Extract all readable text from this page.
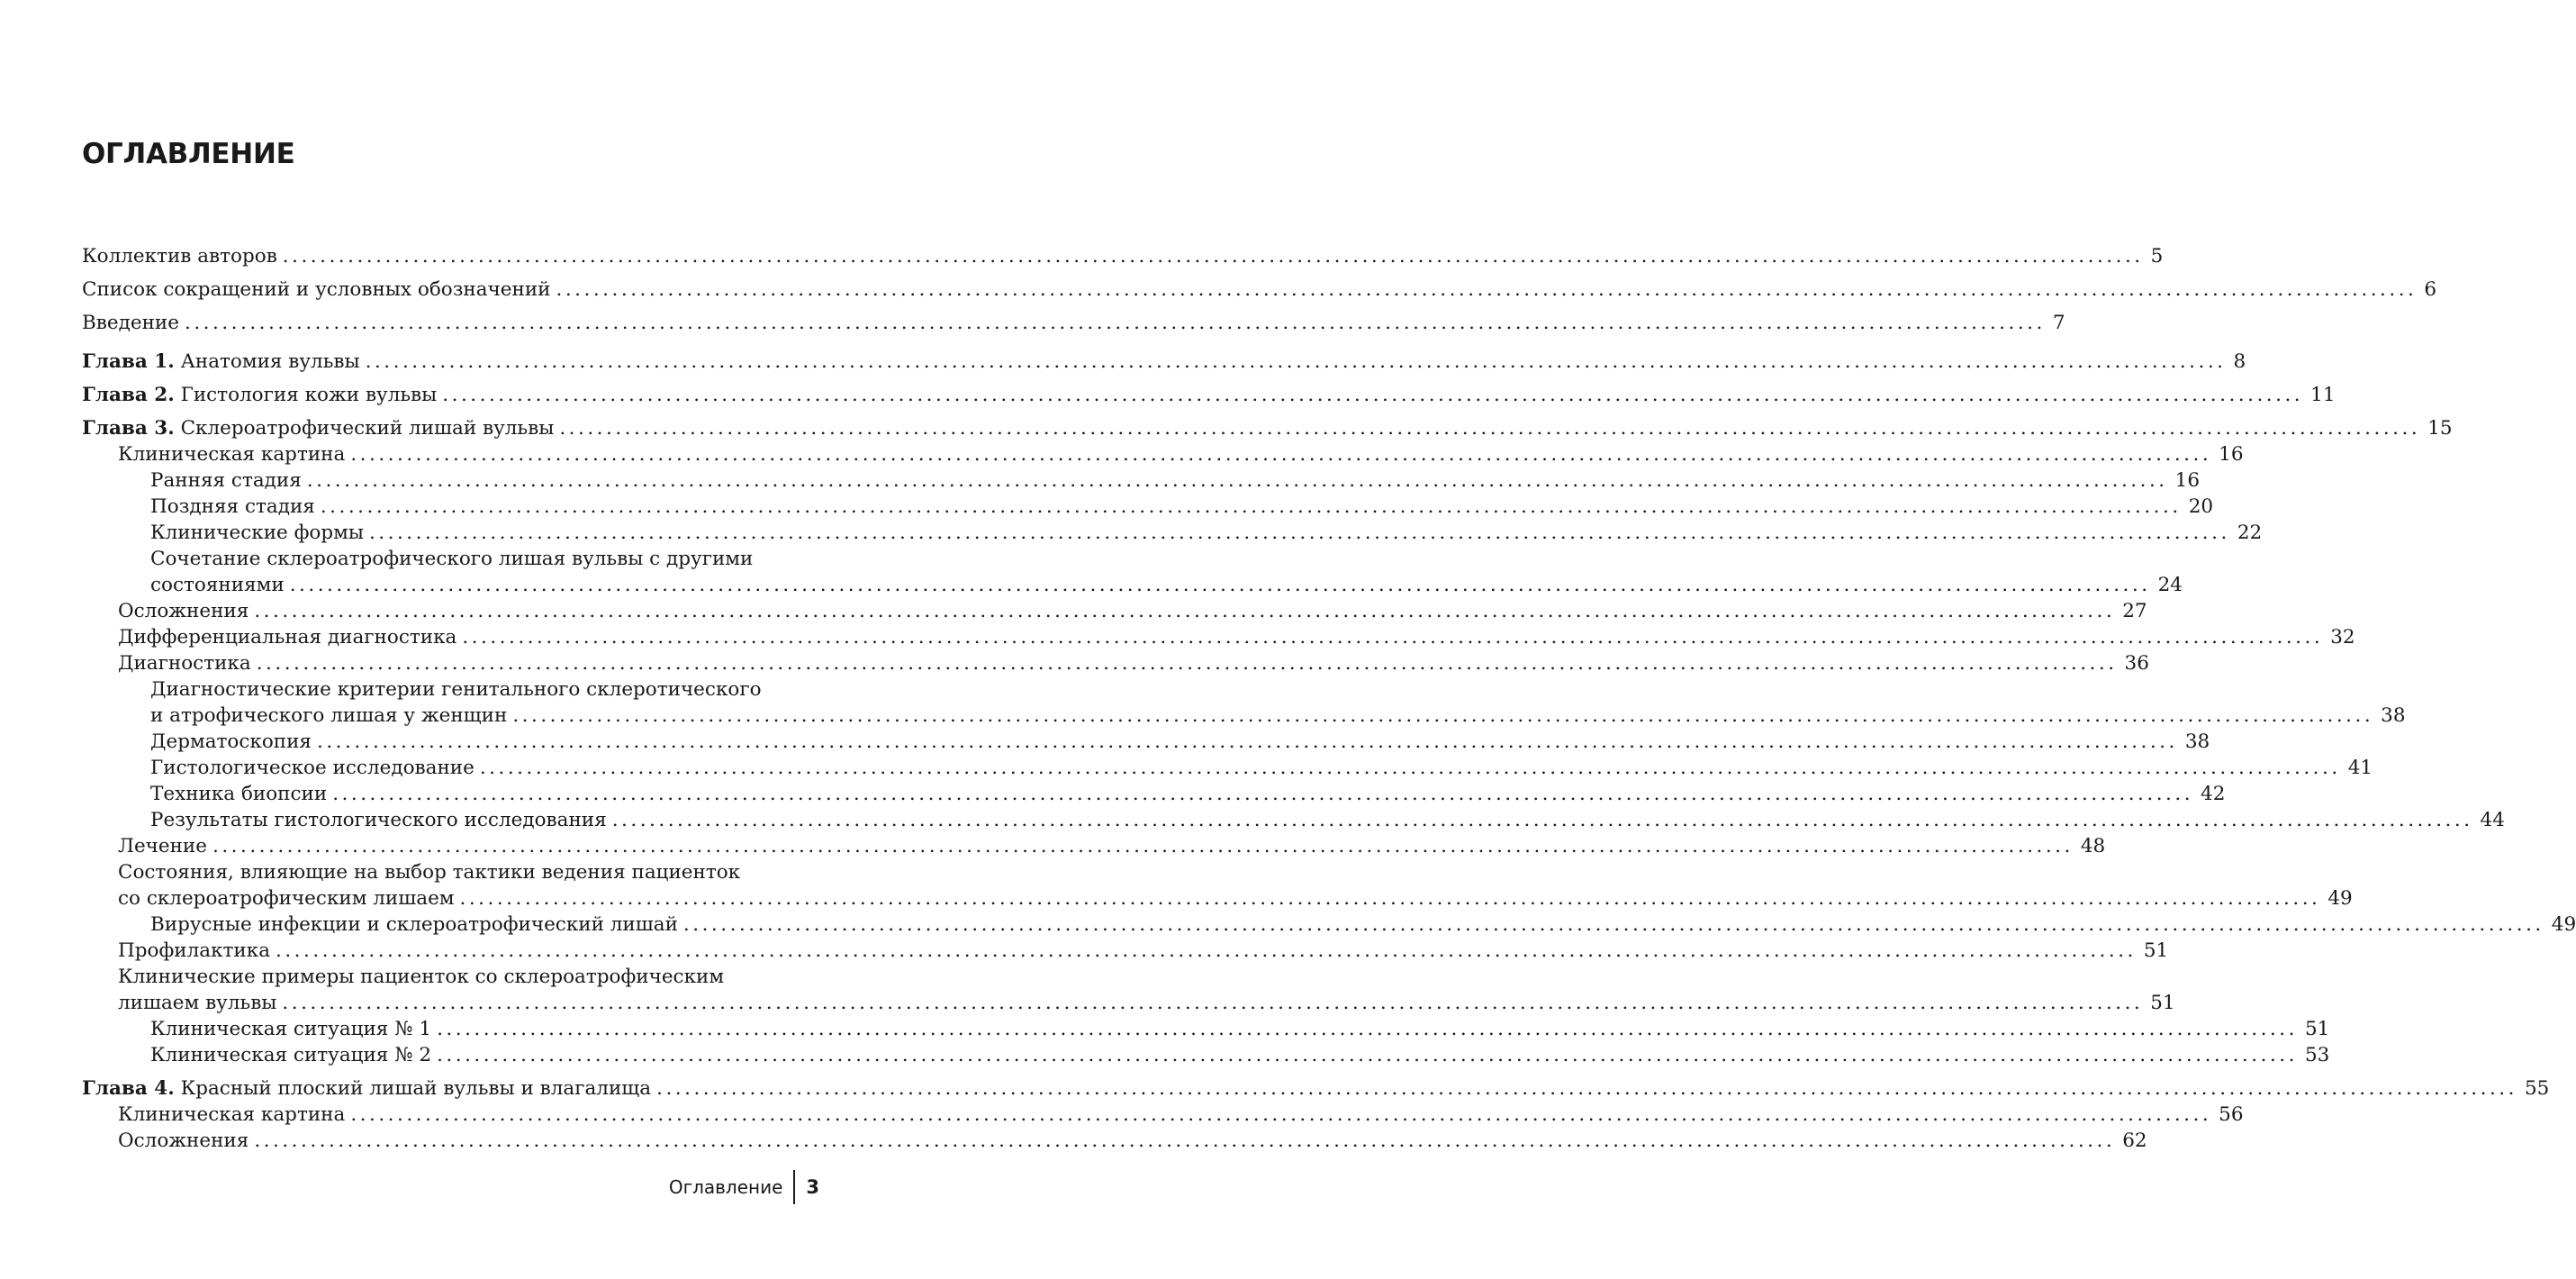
ОГЛАВЛЕНИЕ
Коллектив авторов ........................................................................................................................................................................................................ 5
Список сокращений и условных обозначений ........................................................................................................................................................................................................ 6
Введение ........................................................................................................................................................................................................ 7
Глава 1. Анатомия вульвы ........................................................................................................................................................................................................ 8
Глава 2. Гистология кожи вульвы ........................................................................................................................................................................................................ 11
Глава 3. Склероатрофический лишай вульвы ........................................................................................................................................................................................................ 15
Клиническая картина ........................................................................................................................................................................................................ 16
Ранняя стадия ........................................................................................................................................................................................................ 16
Поздняя стадия ........................................................................................................................................................................................................ 20
Клинические формы ........................................................................................................................................................................................................ 22
Сочетание склероатрофического лишая вульвы с другими
состояниями ........................................................................................................................................................................................................ 24
Осложнения ........................................................................................................................................................................................................ 27
Дифференциальная диагностика ........................................................................................................................................................................................................ 32
Диагностика ........................................................................................................................................................................................................ 36
Диагностические критерии генитального склеротического
и атрофического лишая у женщин ........................................................................................................................................................................................................ 38
Дерматоскопия ........................................................................................................................................................................................................ 38
Гистологическое исследование ........................................................................................................................................................................................................ 41
Техника биопсии ........................................................................................................................................................................................................ 42
Результаты гистологического исследования ........................................................................................................................................................................................................ 44
Лечение ........................................................................................................................................................................................................ 48
Состояния, влияющие на выбор тактики ведения пациенток
со склероатрофическим лишаем ........................................................................................................................................................................................................ 49
Вирусные инфекции и склероатрофический лишай ........................................................................................................................................................................................................ 49
Профилактика ........................................................................................................................................................................................................ 51
Клинические примеры пациенток со склероатрофическим
лишаем вульвы ........................................................................................................................................................................................................ 51
Клиническая ситуация № 1 ........................................................................................................................................................................................................ 51
Клиническая ситуация № 2 ........................................................................................................................................................................................................ 53
Глава 4. Красный плоский лишай вульвы и влагалища ........................................................................................................................................................................................................ 55
Клиническая картина ........................................................................................................................................................................................................ 56
Осложнения ........................................................................................................................................................................................................ 62
Оглавление	3
